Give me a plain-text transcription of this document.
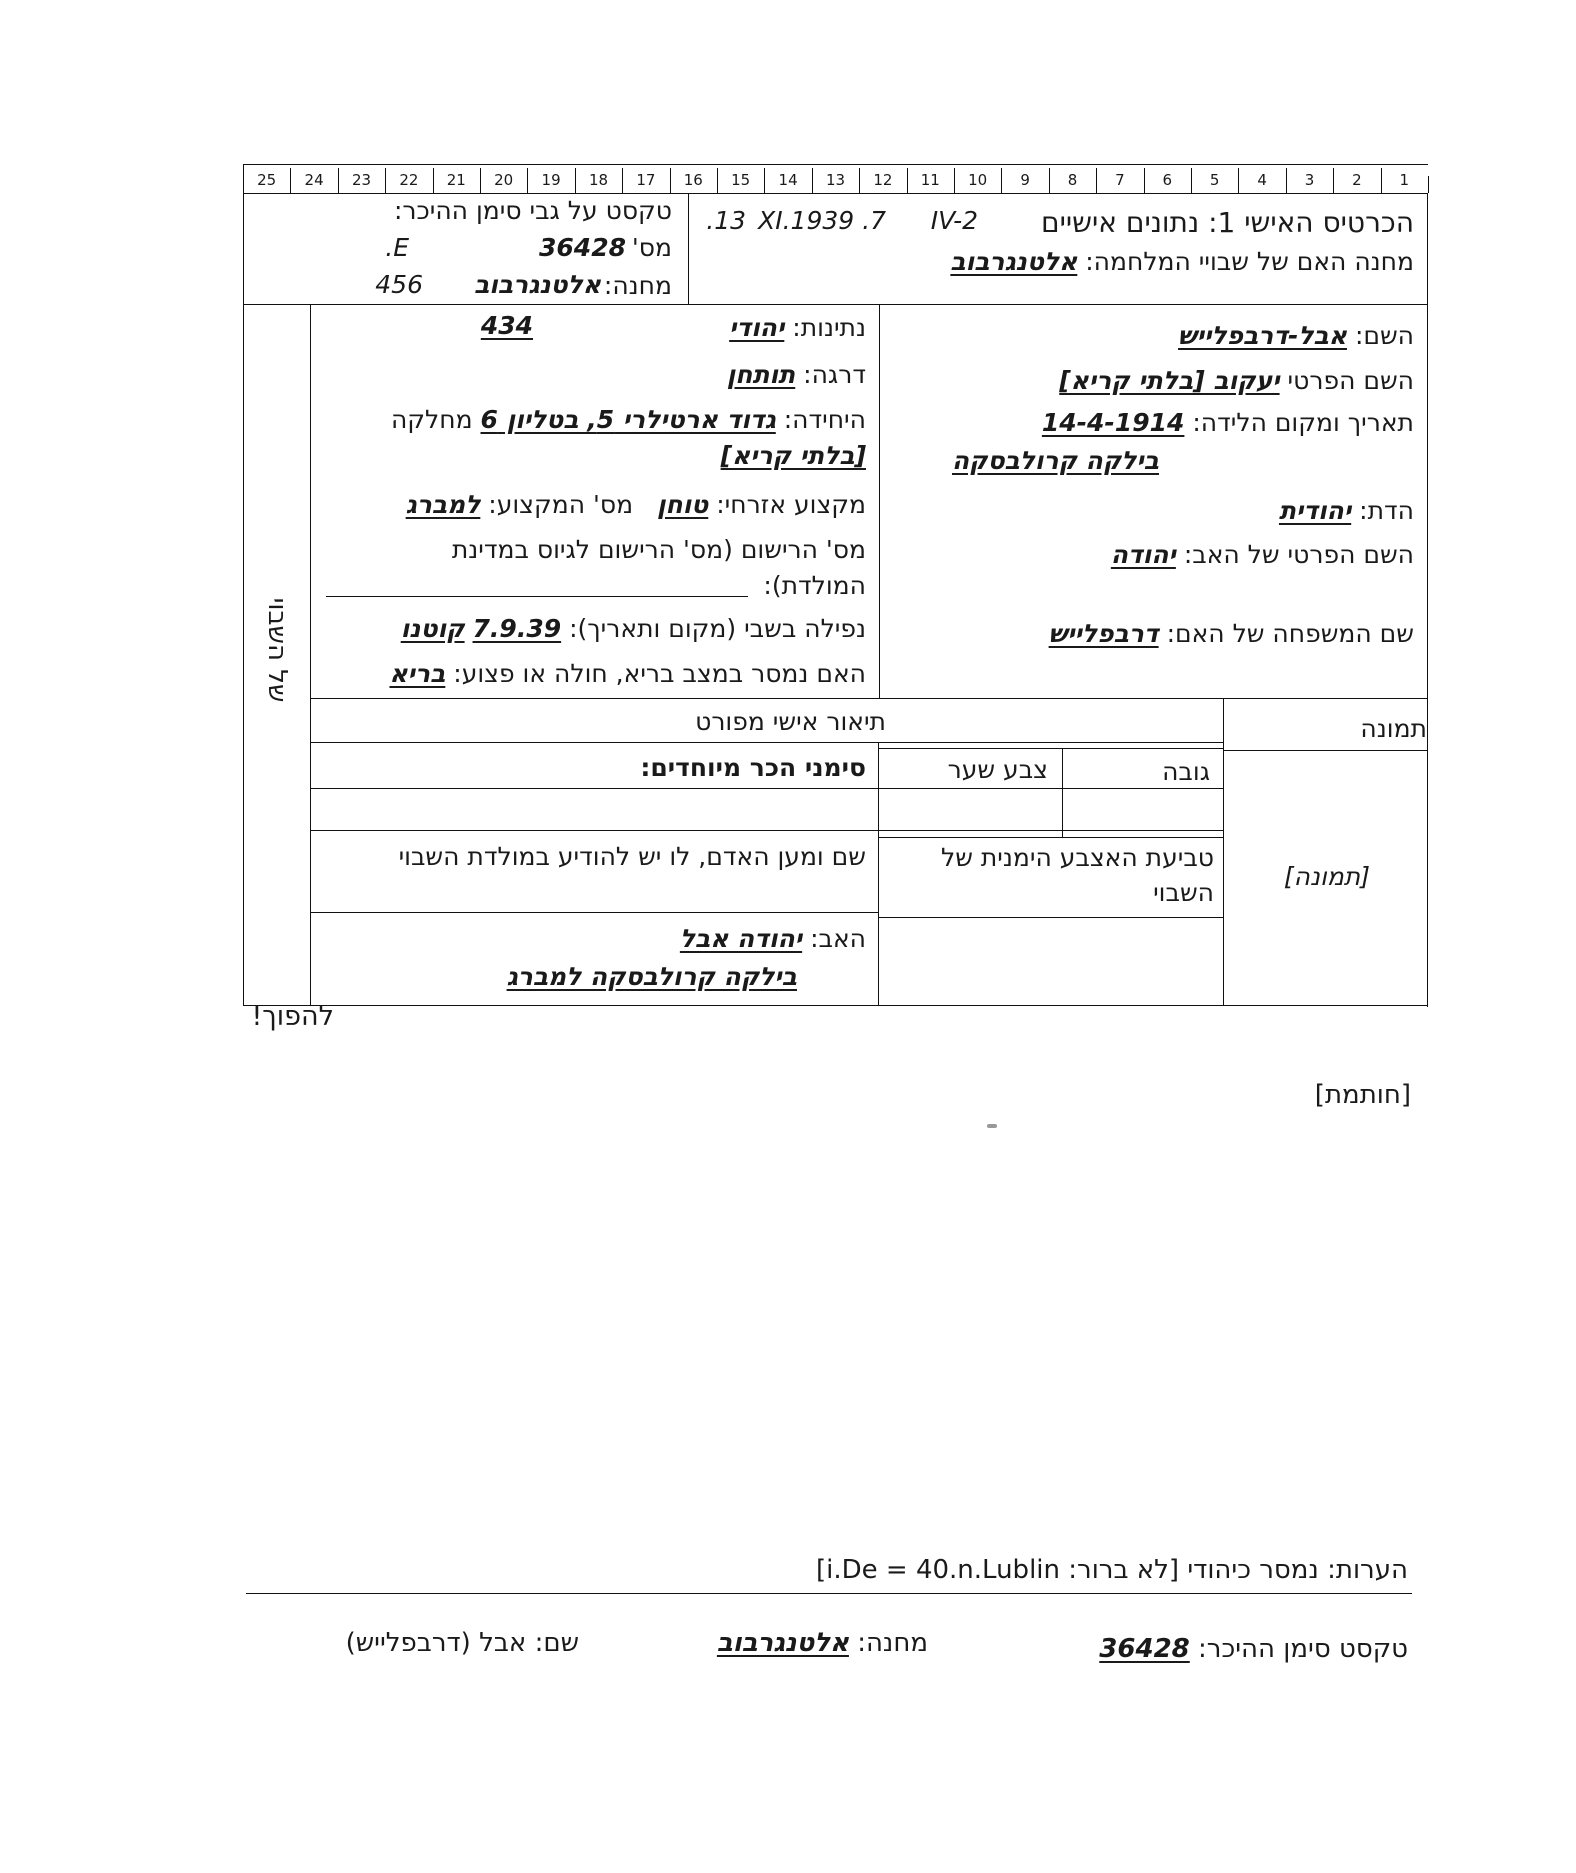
1
2
3
4
5
6
7
8
9
10
11
12
13
14
15
16
17
18
19
20
21
22
23
24
25
הכרטיס האישי 1: נתונים אישיים
IV-2
7. XI.1939
13.
מחנה האם של שבויי המלחמה: אלטנגרבוב
טקסט על גבי סימן ההיכר:
מס'
36428
E.
מחנה:
אלטנגרבוב
456
של השבוי
השם: אבל-דרבפלייש
השם הפרטי יעקוב [בלתי קריא]
תאריך ומקום הלידה: 14-4-1914
בילקה קרולבסקה
הדת: יהודית
השם הפרטי של האב: יהודה
שם המשפחה של האם: דרבפלייש
נתינות: יהודי
434
דרגה: תותחן
היחידה: גדוד ארטילרי 5, בטליון 6 מחלקה
[בלתי קריא]
מקצוע אזרחי: טוחן   מס' המקצוע: למברג
מס' הרישום (מס' הרישום לגיוס במדינת
המולדת):
נפילה בשבי (מקום ותאריך): 7.9.39 קוטנו
האם נמסר במצב בריא, חולה או פצוע: בריא
תמונה
תיאור אישי מפורט
גובה
צבע שער
סימני הכר מיוחדים:
[תמונה]
טביעת האצבע הימנית של השבוי
שם ומען האדם, לו יש להודיע במולדת השבוי
האב: יהודה אבל
בילקה קרולבסקה למברג
להפוך!
[חותמת]
הערות: נמסר כיהודי [לא ברור: i.De = 40.n.Lublin]
טקסט סימן ההיכר: 36428
מחנה: אלטנגרבוב
שם: אבל (דרבפלייש)
